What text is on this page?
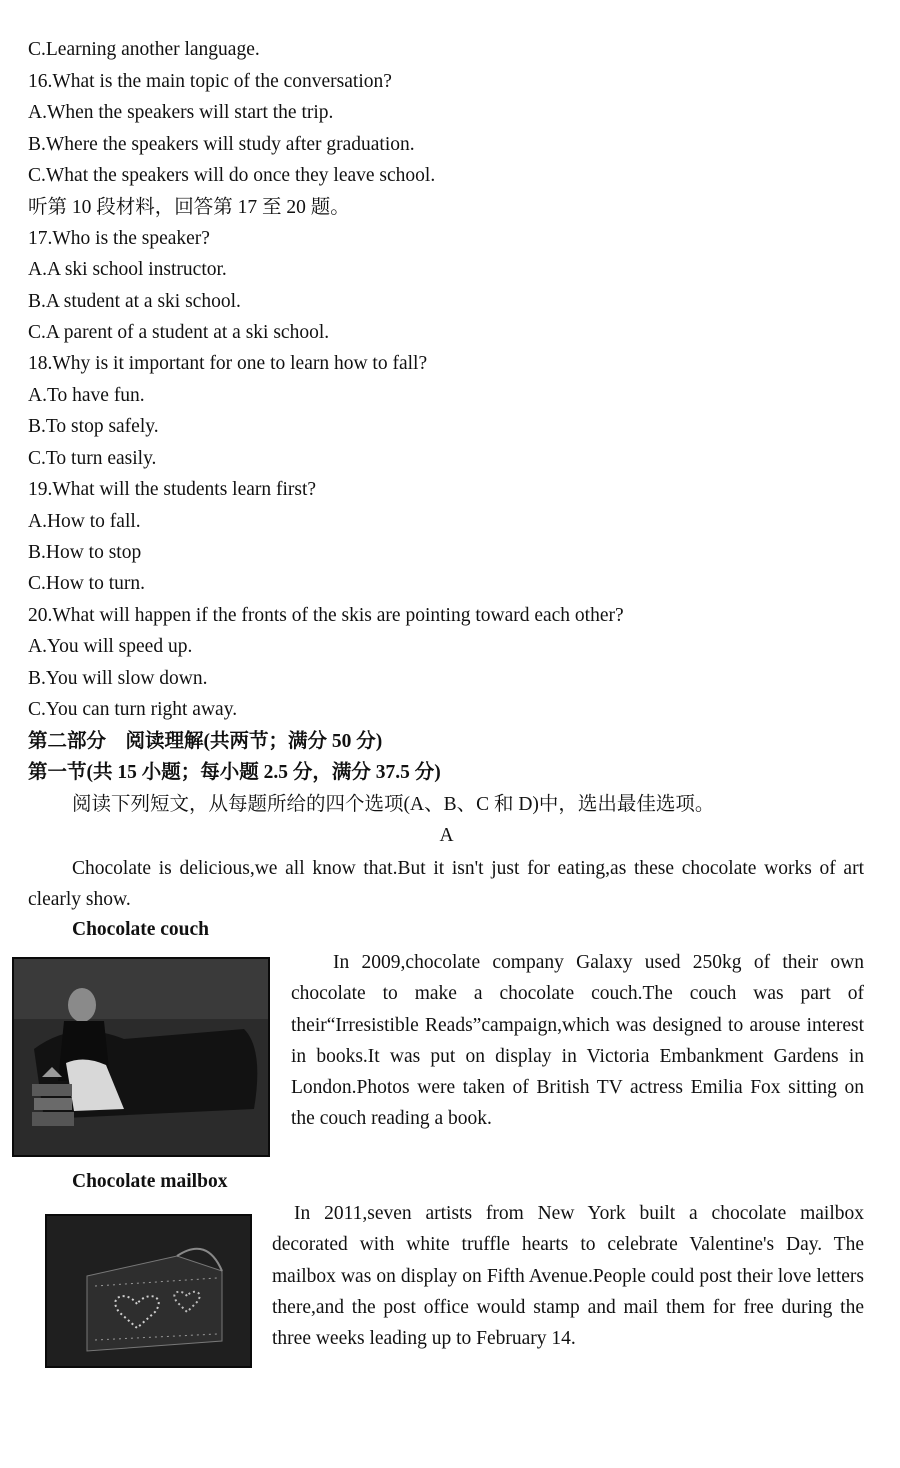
C.Learning another language.
16.What is the main topic of the conversation?
A.When the speakers will start the trip.
B.Where the speakers will study after graduation.
C.What the speakers will do once they leave school.
听第 10 段材料，回答第 17 至 20 题。
17.Who is the speaker?
A.A ski school instructor.
B.A student at a ski school.
C.A parent of a student at a ski school.
18.Why is it important for one to learn how to fall?
A.To have fun.
B.To stop safely.
C.To turn easily.
19.What will the students learn first?
A.How to fall.
B.How to stop
C.How to turn.
20.What will happen if the fronts of the skis are pointing toward each other?
A.You will speed up.
B.You will slow down.
C.You can turn right away.
第二部分　阅读理解(共两节；满分 50 分)
第一节(共 15 小题；每小题 2.5 分，满分 37.5 分)
阅读下列短文，从每题所给的四个选项(A、B、C 和 D)中，选出最佳选项。
A
Chocolate is delicious,we all know that.But it isn't just for eating,as these chocolate works of art clearly show.
Chocolate couch
In 2009,chocolate company Galaxy used 250kg of their own chocolate to make a chocolate couch.The couch was part of their“Irresistible Reads”campaign,which was designed to arouse interest in books.It was put on display in Victoria Embankment Gardens in London.Photos were taken of British TV actress Emilia Fox sitting on the couch reading a book.
Chocolate mailbox
In 2011,seven artists from New York built a chocolate mailbox decorated with white truffle hearts to celebrate Valentine's Day. The mailbox was on display on Fifth Avenue.People could post their love letters there,and the post office would stamp and mail them for free during the three weeks leading up to February 14.
